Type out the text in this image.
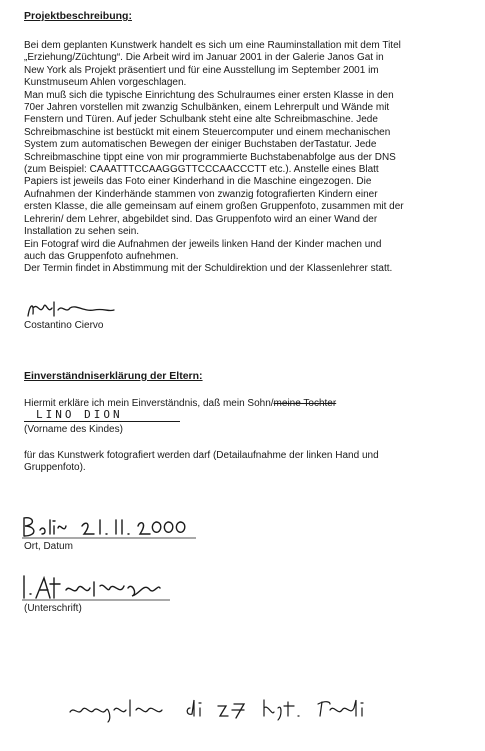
Projektbeschreibung:
Bei dem geplanten Kunstwerk handelt es sich um eine Rauminstallation mit dem Titel
„Erziehung/Züchtung“. Die Arbeit wird im Januar 2001 in der Galerie Janos Gat in
New York als Projekt präsentiert und für eine Ausstellung im September 2001 im
Kunstmuseum Ahlen vorgeschlagen.
Man muß sich die typische Einrichtung des Schulraumes einer ersten Klasse in den
70er Jahren vorstellen mit zwanzig Schulbänken, einem Lehrerpult und Wände mit
Fenstern und Türen. Auf jeder Schulbank steht eine alte Schreibmaschine. Jede
Schreibmaschine ist bestückt mit einem Steuercomputer und einem mechanischen
System zum automatischen Bewegen der einiger Buchstaben derTastatur. Jede
Schreibmaschine tippt eine von mir programmierte Buchstabenabfolge aus der DNS
(zum Beispiel: CAAATTTCCAAGGGTTCCCAACCCTT etc.). Anstelle eines Blatt
Papiers ist jeweils das Foto einer Kinderhand in die Maschine eingezogen. Die
Aufnahmen der Kinderhände stammen von zwanzig fotografierten Kindern einer
ersten Klasse, die alle gemeinsam auf einem großen Gruppenfoto, zusammen mit der
Lehrerin/ dem Lehrer, abgebildet sind. Das Gruppenfoto wird an einer Wand der
Installation zu sehen sein.
Ein Fotograf wird die Aufnahmen der jeweils linken Hand der Kinder machen und
auch das Gruppenfoto aufnehmen.
Der Termin findet in Abstimmung mit der Schuldirektion und der Klassenlehrer statt.
Costantino Ciervo
Einverständniserklärung der Eltern:
Hiermit erkläre ich mein Einverständnis, daß mein Sohn/meine Tochter
LINO DION
(Vorname des Kindes)
für das Kunstwerk fotografiert werden darf (Detailaufnahme der linken Hand und
Gruppenfoto).
Ort, Datum
(Unterschrift)
